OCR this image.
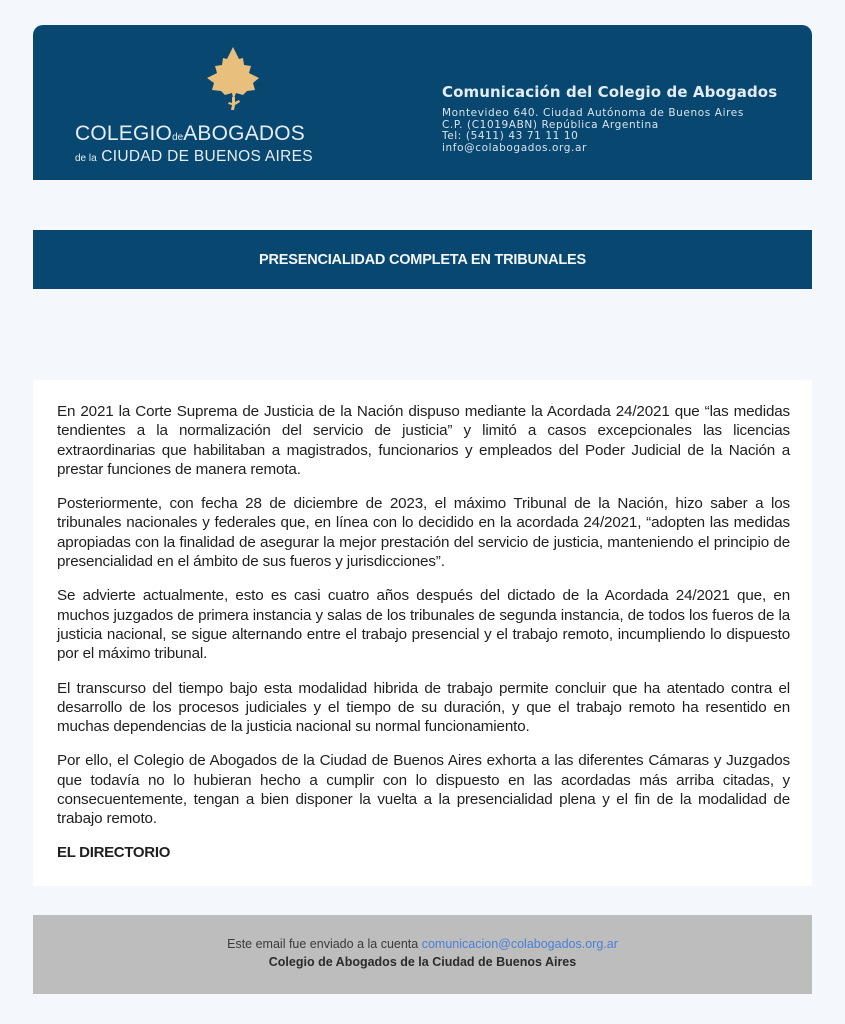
COLEGIOdeABOGADOS
de la CIUDAD DE BUENOS AIRES
Comunicación del Colegio de Abogados
Montevideo 640. Ciudad Autónoma de Buenos Aires
C.P. (C1019ABN) República Argentina
Tel: (5411) 43 71 11 10
info@colabogados.org.ar
PRESENCIALIDAD COMPLETA EN TRIBUNALES

En 2021 la Corte Suprema de Justicia de la Nación dispuso mediante la Acordada 24/2021 que “las medidas tendientes a la normalización del servicio de justicia” y limitó a casos excepcionales las licencias extraordinarias que habilitaban a magistrados, funcionarios y empleados del Poder Judicial de la Nación a prestar funciones de manera remota.

Posteriormente, con fecha 28 de diciembre de 2023, el máximo Tribunal de la Nación, hizo saber a los tribunales nacionales y federales que, en línea con lo decidido en la acordada 24/2021, “adopten las medidas apropiadas con la finalidad de asegurar la mejor prestación del servicio de justicia, manteniendo el principio de presencialidad en el ámbito de sus fueros y jurisdicciones”.

Se advierte actualmente, esto es casi cuatro años después del dictado de la Acordada 24/2021 que, en muchos juzgados de primera instancia y salas de los tribunales de segunda instancia, de todos los fueros de la justicia nacional, se sigue alternando entre el trabajo presencial y el trabajo remoto, incumpliendo lo dispuesto por el máximo tribunal.

El transcurso del tiempo bajo esta modalidad hibrida de trabajo permite concluir que ha atentado contra el desarrollo de los procesos judiciales y el tiempo de su duración, y que el trabajo remoto ha resentido en muchas dependencias de la justicia nacional su normal funcionamiento.

Por ello, el Colegio de Abogados de la Ciudad de Buenos Aires exhorta a las diferentes Cámaras y Juzgados que todavía no lo hubieran hecho a cumplir con lo dispuesto en las acordadas más arriba citadas, y consecuentemente, tengan a bien disponer la vuelta a la presencialidad plena y el fin de la modalidad de trabajo remoto.

EL DIRECTORIO
Este email fue enviado a la cuenta comunicacion@colabogados.org.ar
Colegio de Abogados de la Ciudad de Buenos Aires
